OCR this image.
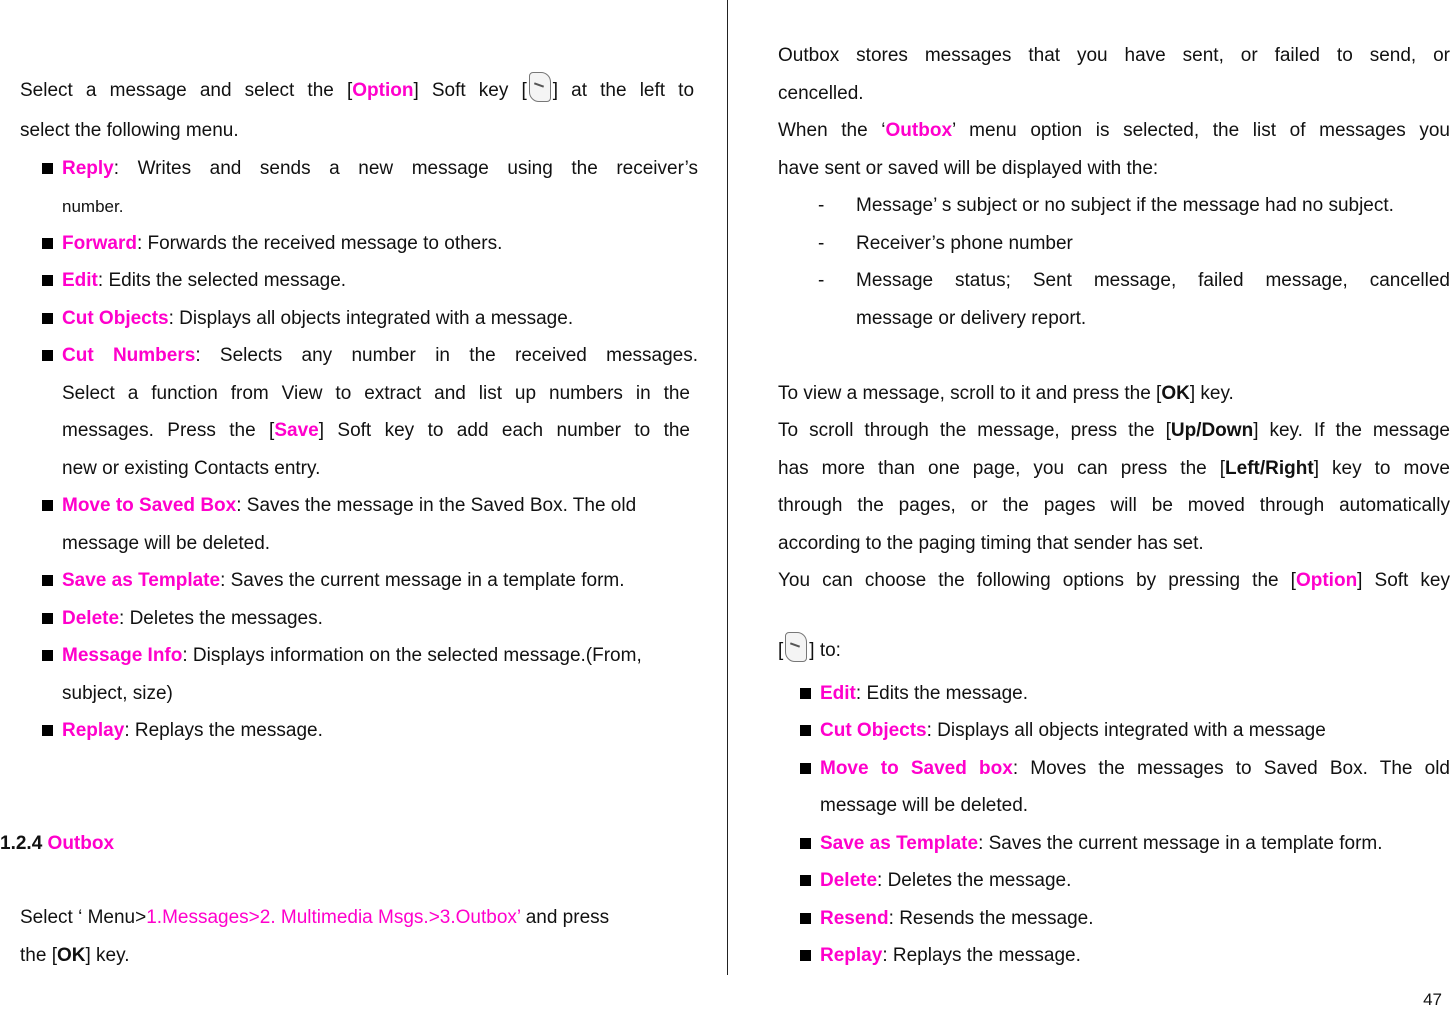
Select a message and select the [Option] Soft key [ ] at the left to
select the following menu.
Reply: Writes and sends a new message using the receiver’s
number.
Forward: Forwards the received message to others.
Edit: Edits the selected message.
Cut Objects: Displays all objects integrated with a message.
Cut Numbers: Selects any number in the received messages.
Select a function from View to extract and list up numbers in the
messages. Press the [Save] Soft key to add each number to the
new or existing Contacts entry.
Move to Saved Box: Saves the message in the Saved Box. The old
message will be deleted.
Save as Template: Saves the current message in a template form.
Delete: Deletes the messages.
Message Info: Displays information on the selected message.(From,
subject, size)
Replay: Replays the message.
1.2.4 Outbox
Select ‘ Menu>1.Messages>2. Multimedia Msgs.>3.Outbox’ and press
the [OK] key.
Outbox stores messages that you have sent, or failed to send, or
cencelled.
When the ‘Outbox’ menu option is selected, the list of messages you
have sent or saved will be displayed with the:
- Message’ s subject or no subject if the message had no subject.
- Receiver’s phone number
- Message status; Sent message, failed message, cancelled
message or delivery report.
To view a message, scroll to it and press the [OK] key.
To scroll through the message, press the [Up/Down] key. If the message
has more than one page, you can press the [Left/Right] key to move
through the pages, or the pages will be moved through automatically
according to the paging timing that sender has set.
You can choose the following options by pressing the [Option] Soft key
[ ] to:
Edit: Edits the message.
Cut Objects: Displays all objects integrated with a message
Move to Saved box: Moves the messages to Saved Box. The old
message will be deleted.
Save as Template: Saves the current message in a template form.
Delete: Deletes the message.
Resend: Resends the message.
Replay: Replays the message.
47
